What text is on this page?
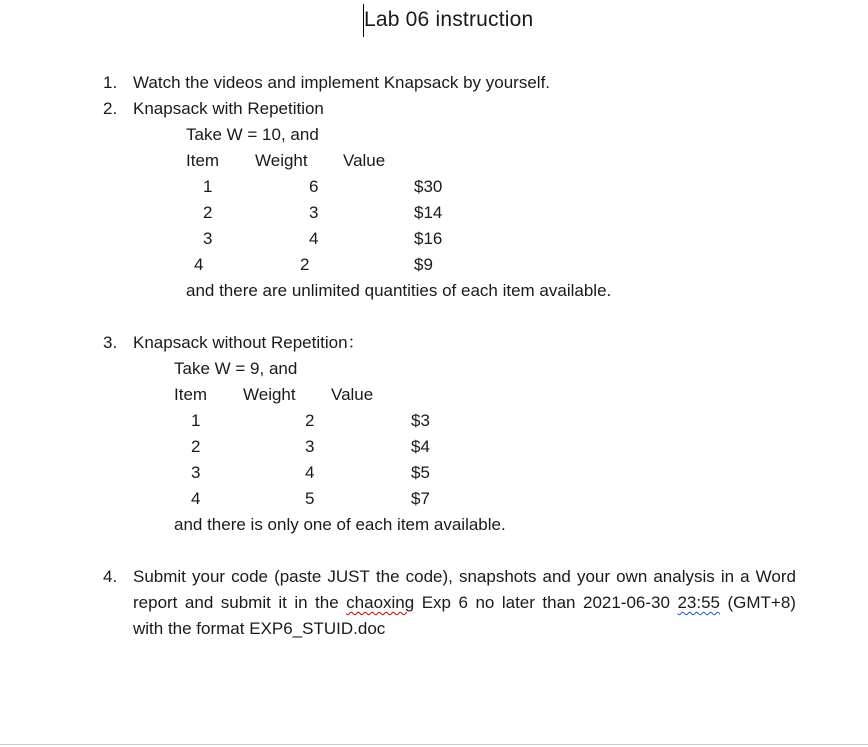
Lab 06 instruction
1. Watch the videos and implement Knapsack by yourself.
2. Knapsack with Repetition
Take W = 10, and
Item Weight Value
1	6	$30
2	3	$14
3	4	$16
4	2	$9
and there are unlimited quantities of each item available.
3. Knapsack without Repetition：
Take W = 9, and
Item Weight Value
1	2	$3
2	3	$4
3	4	$5
4	5	$7
and there is only one of each item available.
4. Submit your code (paste JUST the code), snapshots and your own analysis in a Word
report and submit it in the chaoxing Exp 6 no later than 2021-06-30 23:55 (GMT+8)
with the format EXP6_STUID.doc
